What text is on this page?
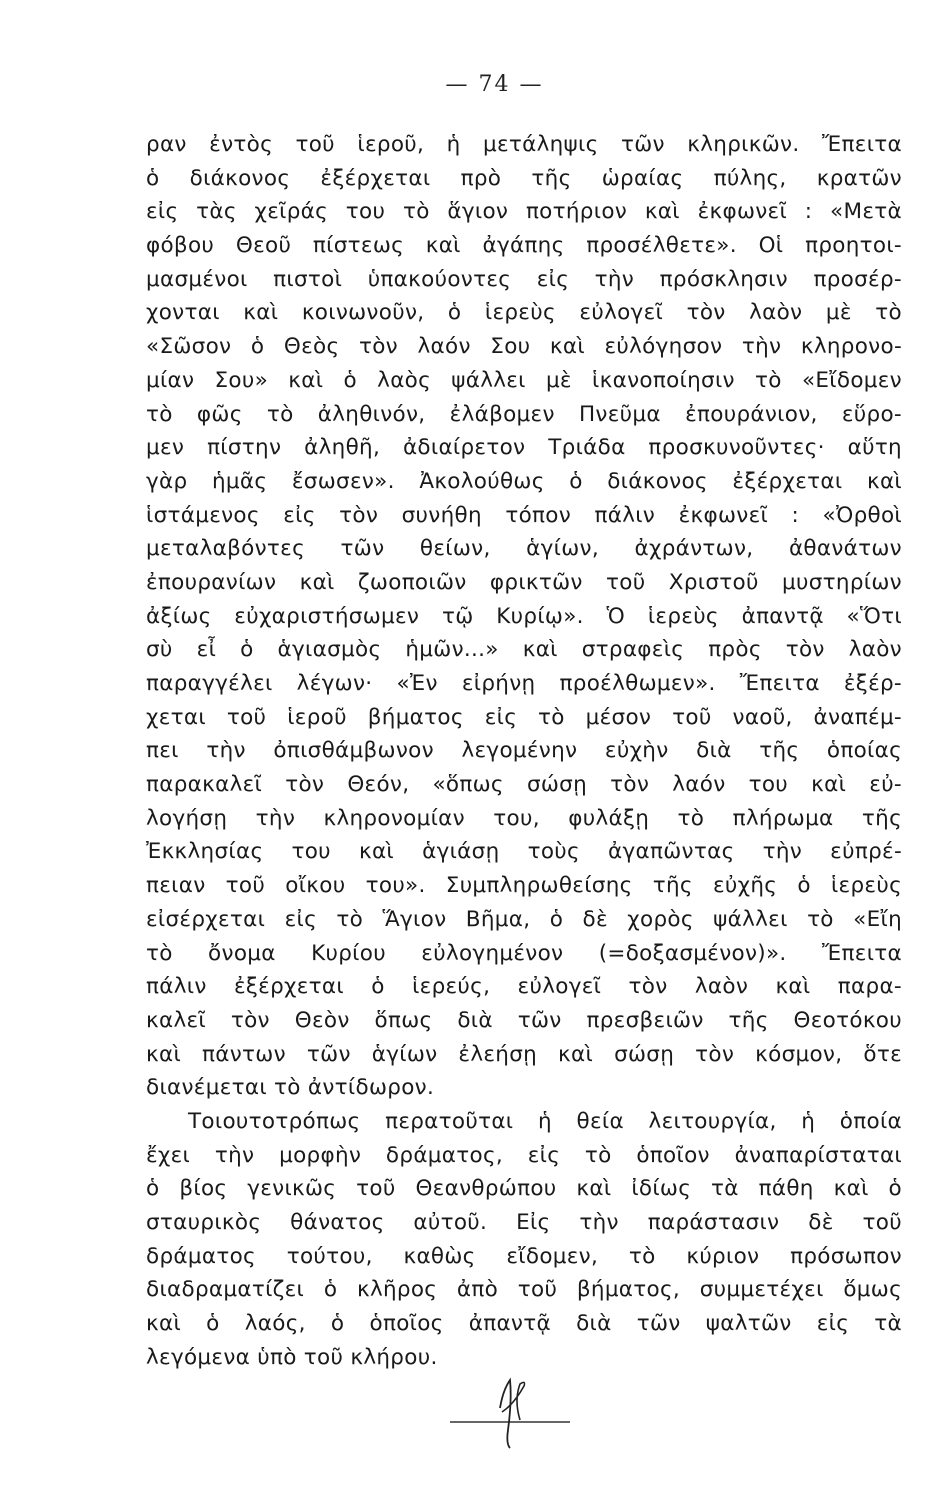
— 74 —
ραν ἐντὸς τοῦ ἱεροῦ, ἡ μετάληψις τῶν κληρικῶν. Ἔπειτα
ὁ διάκονος ἐξέρχεται πρὸ τῆς ὡραίας πύλης, κρατῶν
εἰς τὰς χεῖράς του τὸ ἅγιον ποτήριον καὶ ἐκφωνεῖ : «Μετὰ
φόβου Θεοῦ πίστεως καὶ ἀγάπης προσέλθετε». Οἱ προητοι-
μασμένοι πιστοὶ ὑπακούοντες εἰς τὴν πρόσκλησιν προσέρ-
χονται καὶ κοινωνοῦν, ὁ ἱερεὺς εὐλογεῖ τὸν λαὸν μὲ τὸ
«Σῶσον ὁ Θεὸς τὸν λαόν Σου καὶ εὐλόγησον τὴν κληρονο-
μίαν Σου» καὶ ὁ λαὸς ψάλλει μὲ ἱκανοποίησιν τὸ «Εἴδομεν
τὸ φῶς τὸ ἀληθινόν, ἐλάβομεν Πνεῦμα ἐπουράνιον, εὕρο-
μεν πίστην ἀληθῆ, ἀδιαίρετον Τριάδα προσκυνοῦντες· αὕτη
γὰρ ἡμᾶς ἔσωσεν». Ἀκολούθως ὁ διάκονος ἐξέρχεται καὶ
ἱστάμενος εἰς τὸν συνήθη τόπον πάλιν ἐκφωνεῖ : «Ὀρθοὶ
μεταλαβόντες τῶν θείων, ἁγίων, ἀχράντων, ἀθανάτων
ἐπουρανίων καὶ ζωοποιῶν φρικτῶν τοῦ Χριστοῦ μυστηρίων
ἀξίως εὐχαριστήσωμεν τῷ Κυρίῳ». Ὁ ἱερεὺς ἀπαντᾷ «Ὅτι
σὺ εἶ ὁ ἁγιασμὸς ἡμῶν...» καὶ στραφεὶς πρὸς τὸν λαὸν
παραγγέλει λέγων· «Ἐν εἰρήνῃ προέλθωμεν». Ἔπειτα ἐξέρ-
χεται τοῦ ἱεροῦ βήματος εἰς τὸ μέσον τοῦ ναοῦ, ἀναπέμ-
πει τὴν ὀπισθάμβωνον λεγομένην εὐχὴν διὰ τῆς ὁποίας
παρακαλεῖ τὸν Θεόν, «ὅπως σώσῃ τὸν λαόν του καὶ εὐ-
λογήσῃ τὴν κληρονομίαν του, φυλάξῃ τὸ πλήρωμα τῆς
Ἐκκλησίας του καὶ ἁγιάσῃ τοὺς ἀγαπῶντας τὴν εὐπρέ-
πειαν τοῦ οἴκου του». Συμπληρωθείσης τῆς εὐχῆς ὁ ἱερεὺς
εἰσέρχεται εἰς τὸ Ἅγιον Βῆμα, ὁ δὲ χορὸς ψάλλει τὸ «Εἴη
τὸ ὄνομα Κυρίου εὐλογημένον (=δοξασμένον)». Ἔπειτα
πάλιν ἐξέρχεται ὁ ἱερεύς, εὐλογεῖ τὸν λαὸν καὶ παρα-
καλεῖ τὸν Θεὸν ὅπως διὰ τῶν πρεσβειῶν τῆς Θεοτόκου
καὶ πάντων τῶν ἁγίων ἐλεήσῃ καὶ σώσῃ τὸν κόσμον, ὅτε
διανέμεται τὸ ἀντίδωρον.
Τοιουτοτρόπως περατοῦται ἡ θεία λειτουργία, ἡ ὁποία
ἔχει τὴν μορφὴν δράματος, εἰς τὸ ὁποῖον ἀναπαρίσταται
ὁ βίος γενικῶς τοῦ Θεανθρώπου καὶ ἰδίως τὰ πάθη καὶ ὁ
σταυρικὸς θάνατος αὐτοῦ. Εἰς τὴν παράστασιν δὲ τοῦ
δράματος τούτου, καθὼς εἴδομεν, τὸ κύριον πρόσωπον
διαδραματίζει ὁ κλῆρος ἀπὸ τοῦ βήματος, συμμετέχει ὅμως
καὶ ὁ λαός, ὁ ὁποῖος ἀπαντᾷ διὰ τῶν ψαλτῶν εἰς τὰ
λεγόμενα ὑπὸ τοῦ κλήρου.
